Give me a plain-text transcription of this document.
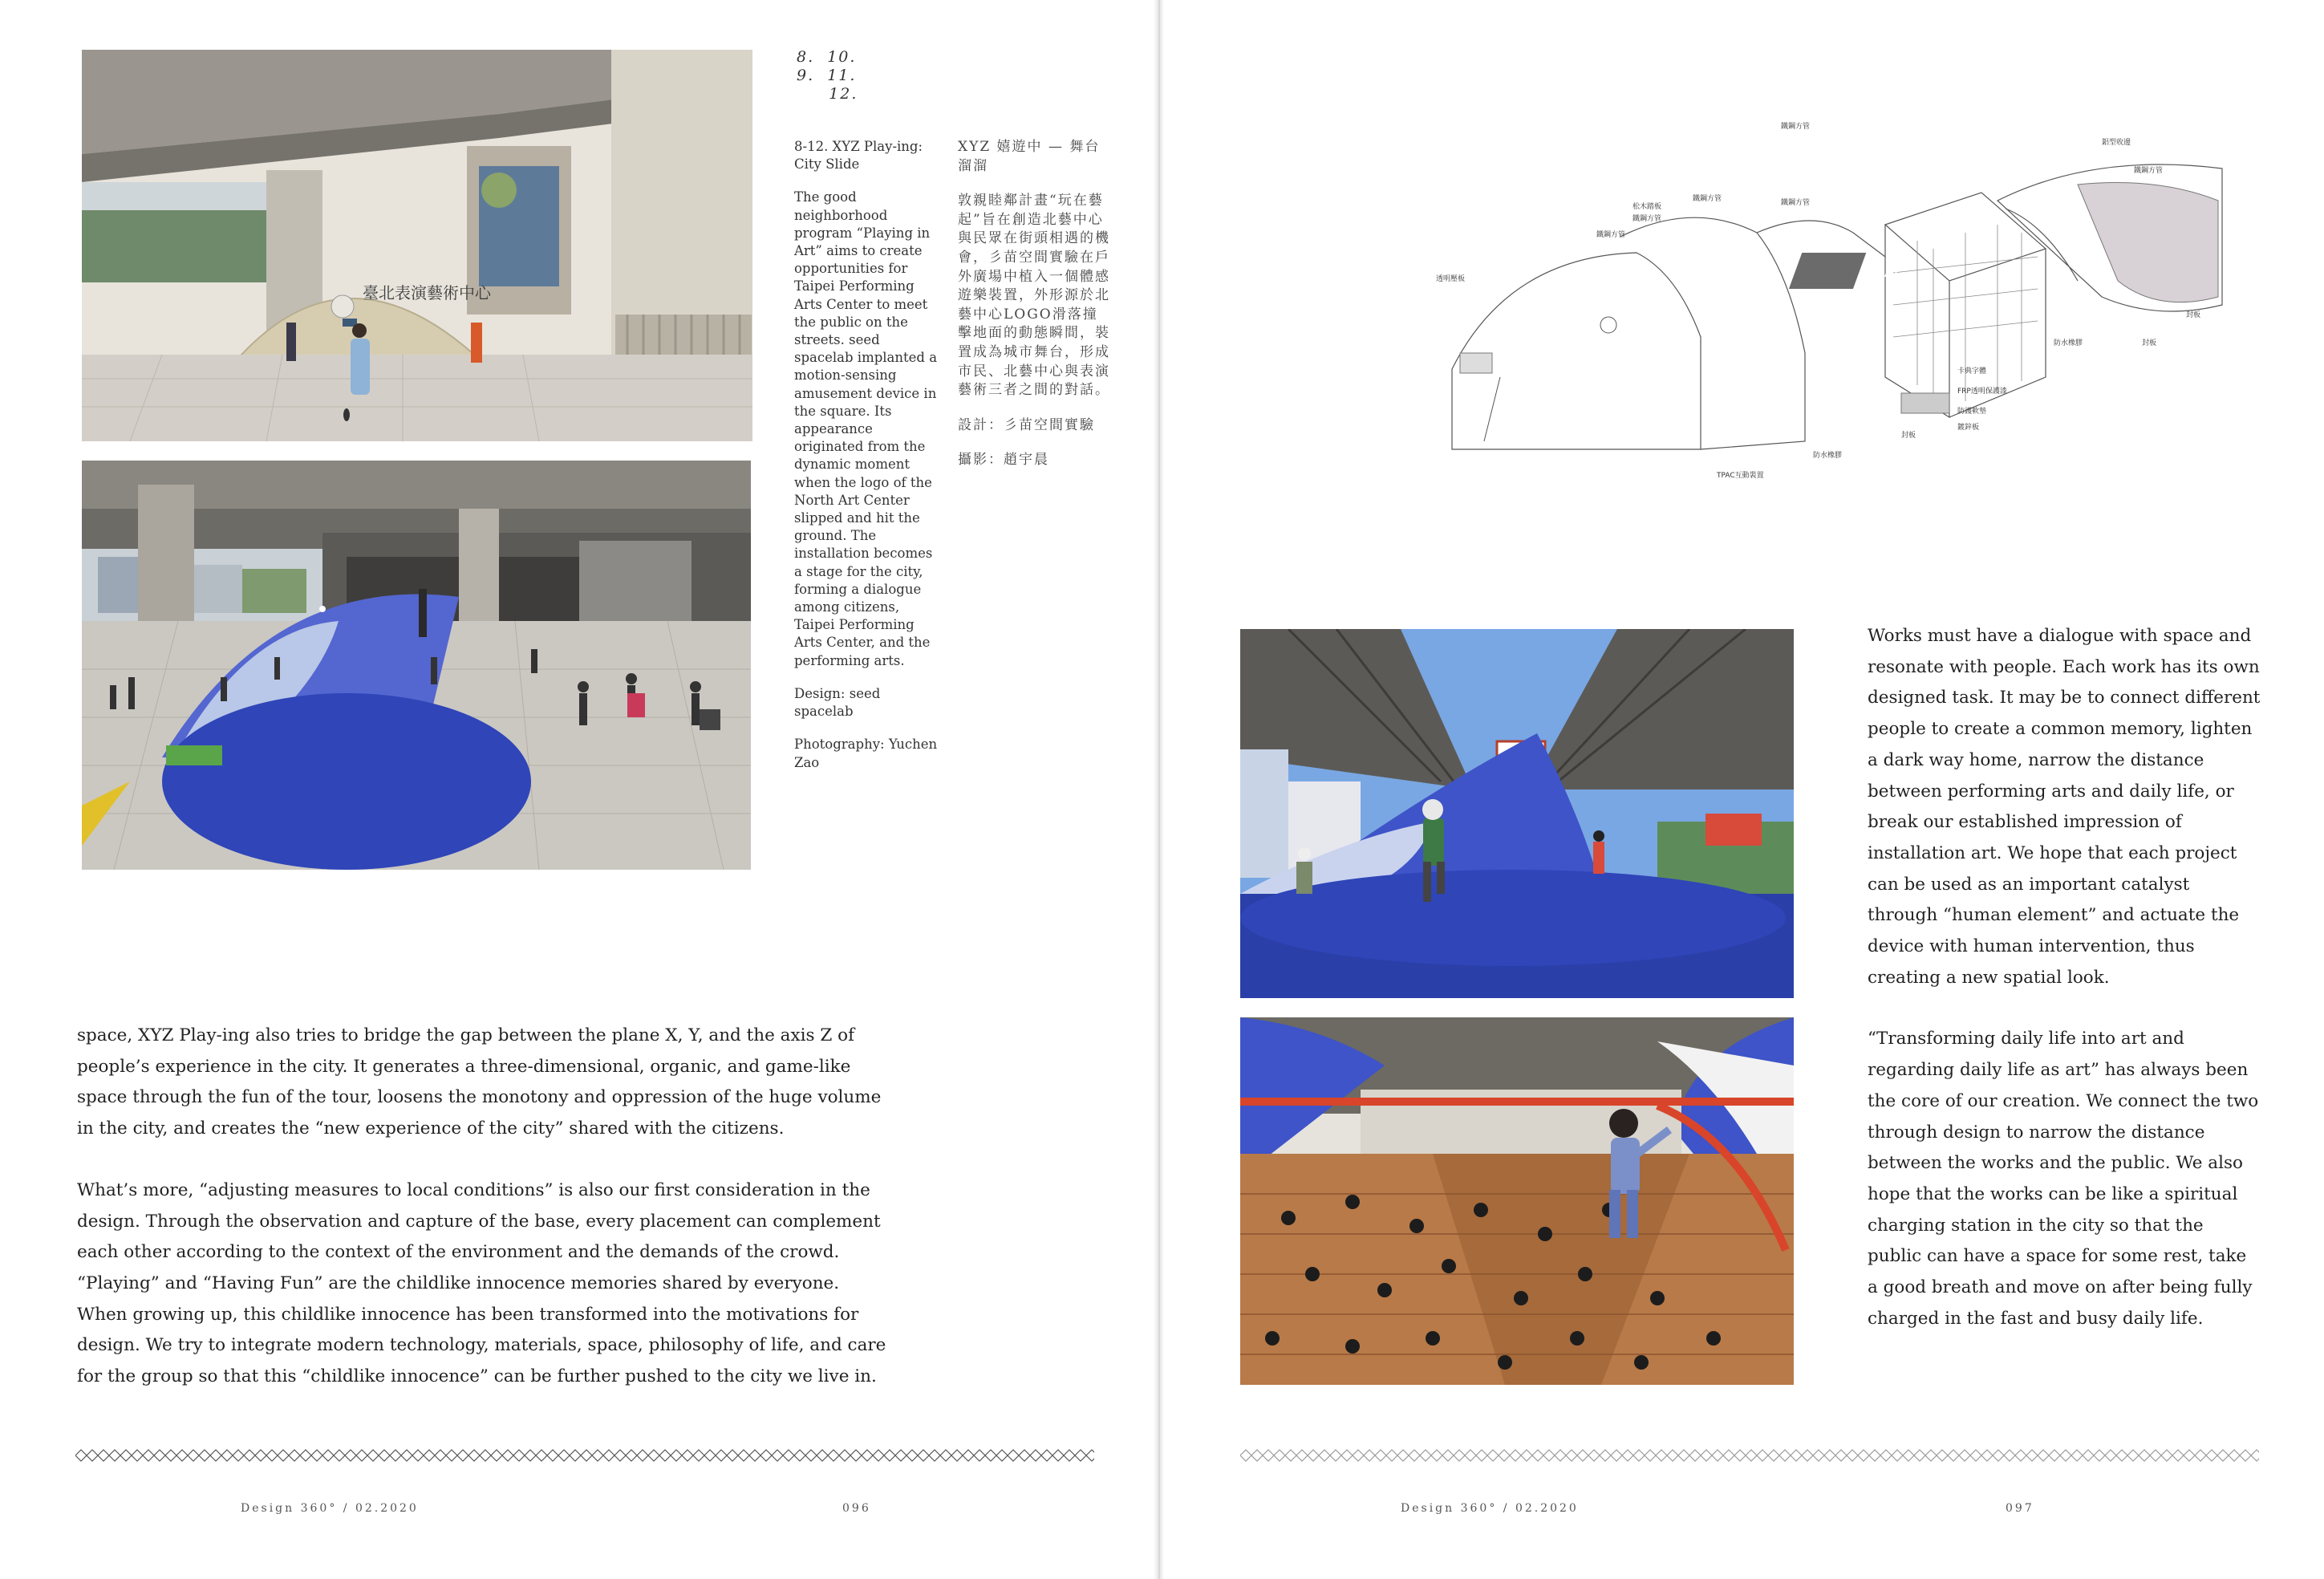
臺北表演藝術中心
8.  10.
9.  11.
12.

8-12. XYZ Play-ing: City Slide

The good neighborhood program “Playing in Art” aims to create opportunities for Taipei Performing Arts Center to meet the public on the streets. seed spacelab implanted a motion-sensing amusement device in the square. Its appearance originated from the dynamic moment when the logo of the North Art Center slipped and hit the ground. The installation becomes a stage for the city, forming a dialogue among citizens, Taipei Performing Arts Center, and the performing arts.

Design: seed spacelab

Photography: Yuchen Zao

XYZ 嬉遊中 — 舞台溜溜

敦親睦鄰計畫“玩在藝起”旨在創造北藝中心與民眾在街頭相遇的機會，彡苗空間實驗在戶外廣場中植入一個體感遊樂裝置，外形源於北藝中心LOGO滑落撞擊地面的動態瞬間，裝置成為城市舞台，形成市民、北藝中心與表演藝術三者之間的對話。

設計：彡苗空間實驗

攝影：趙宇晨

space, XYZ Play-ing also tries to bridge the gap between the plane X, Y, and the axis Z of people’s experience in the city. It generates a three-dimensional, organic, and game-like space through the fun of the tour, loosens the monotony and oppression of the huge volume in the city, and creates the “new experience of the city” shared with the citizens.

What’s more, “adjusting measures to local conditions” is also our first consideration in the design. Through the observation and capture of the base, every placement can complement each other according to the context of the environment and the demands of the crowd. “Playing” and “Having Fun” are the childlike innocence memories shared by everyone. When growing up, this childlike innocence has been transformed into the motivations for design. We try to integrate modern technology, materials, space, philosophy of life, and care for the group so that this “childlike innocence” can be further pushed to the city we live in.

Design 360° / 02.2020	096
PLAY
鐵鋼方管
鐵鋼方管
鐵鋼方管
透明壓板
鐵鋼方管
松木踏板
鐵鋼方管
鋁型收邊
鐵鋼方管
防水橡膠	封板
卡典字體
FRP透明保護漆
防護軟墊
鍍鋅板
封板
防水橡膠
TPAC互動裝置
封板

Works must have a dialogue with space and resonate with people. Each work has its own designed task. It may be to connect different people to create a common memory, lighten a dark way home, narrow the distance between performing arts and daily life, or break our established impression of installation art. We hope that each project can be used as an important catalyst through “human element” and actuate the device with human intervention, thus creating a new spatial look.

“Transforming daily life into art and regarding daily life as art” has always been the core of our creation. We connect the two through design to narrow the distance between the works and the public. We also hope that the works can be like a spiritual charging station in the city so that the public can have a space for some rest, take a good breath and move on after being fully charged in the fast and busy daily life.

Design 360° / 02.2020	097
